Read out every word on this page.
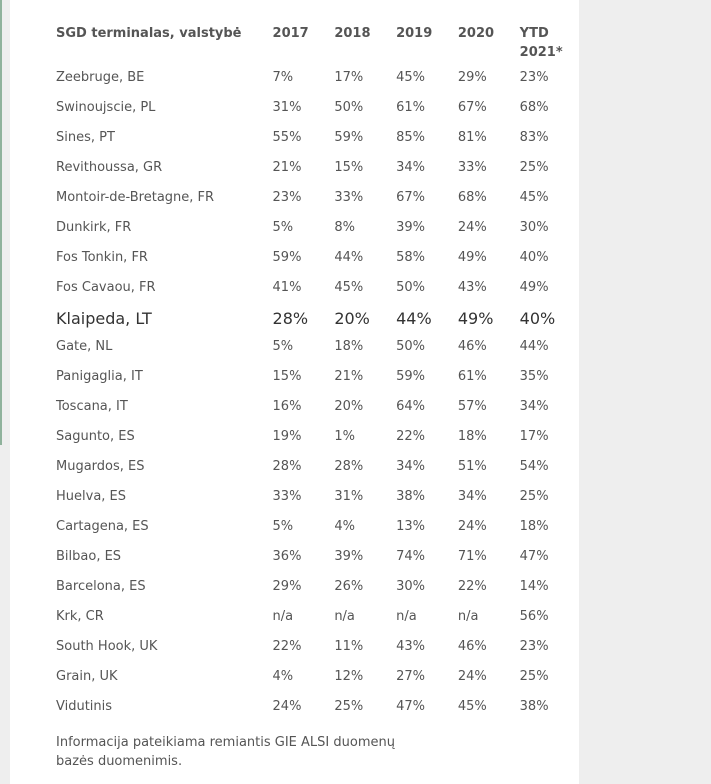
SGD terminalas, valstybė	2017	2018	2019	2020	YTD 2021*

Zeebruge, BE	7%	17%	45%	29%	23%
Swinoujscie, PL	31%	50%	61%	67%	68%
Sines, PT	55%	59%	85%	81%	83%
Revithoussa, GR	21%	15%	34%	33%	25%
Montoir-de-Bretagne, FR	23%	33%	67%	68%	45%
Dunkirk, FR	5%	8%	39%	24%	30%
Fos Tonkin, FR	59%	44%	58%	49%	40%
Fos Cavaou, FR	41%	45%	50%	43%	49%
Klaipeda, LT	28%	20%	44%	49%	40%
Gate, NL	5%	18%	50%	46%	44%
Panigaglia, IT	15%	21%	59%	61%	35%
Toscana, IT	16%	20%	64%	57%	34%
Sagunto, ES	19%	1%	22%	18%	17%
Mugardos, ES	28%	28%	34%	51%	54%
Huelva, ES	33%	31%	38%	34%	25%
Cartagena, ES	5%	4%	13%	24%	18%
Bilbao, ES	36%	39%	74%	71%	47%
Barcelona, ES	29%	26%	30%	22%	14%
Krk, CR	n/a	n/a	n/a	n/a	56%
South Hook, UK	22%	11%	43%	46%	23%
Grain, UK	4%	12%	27%	24%	25%
Vidutinis	24%	25%	47%	45%	38%
Informacija pateikiama remiantis GIE ALSI duomenų bazės duomenimis.
